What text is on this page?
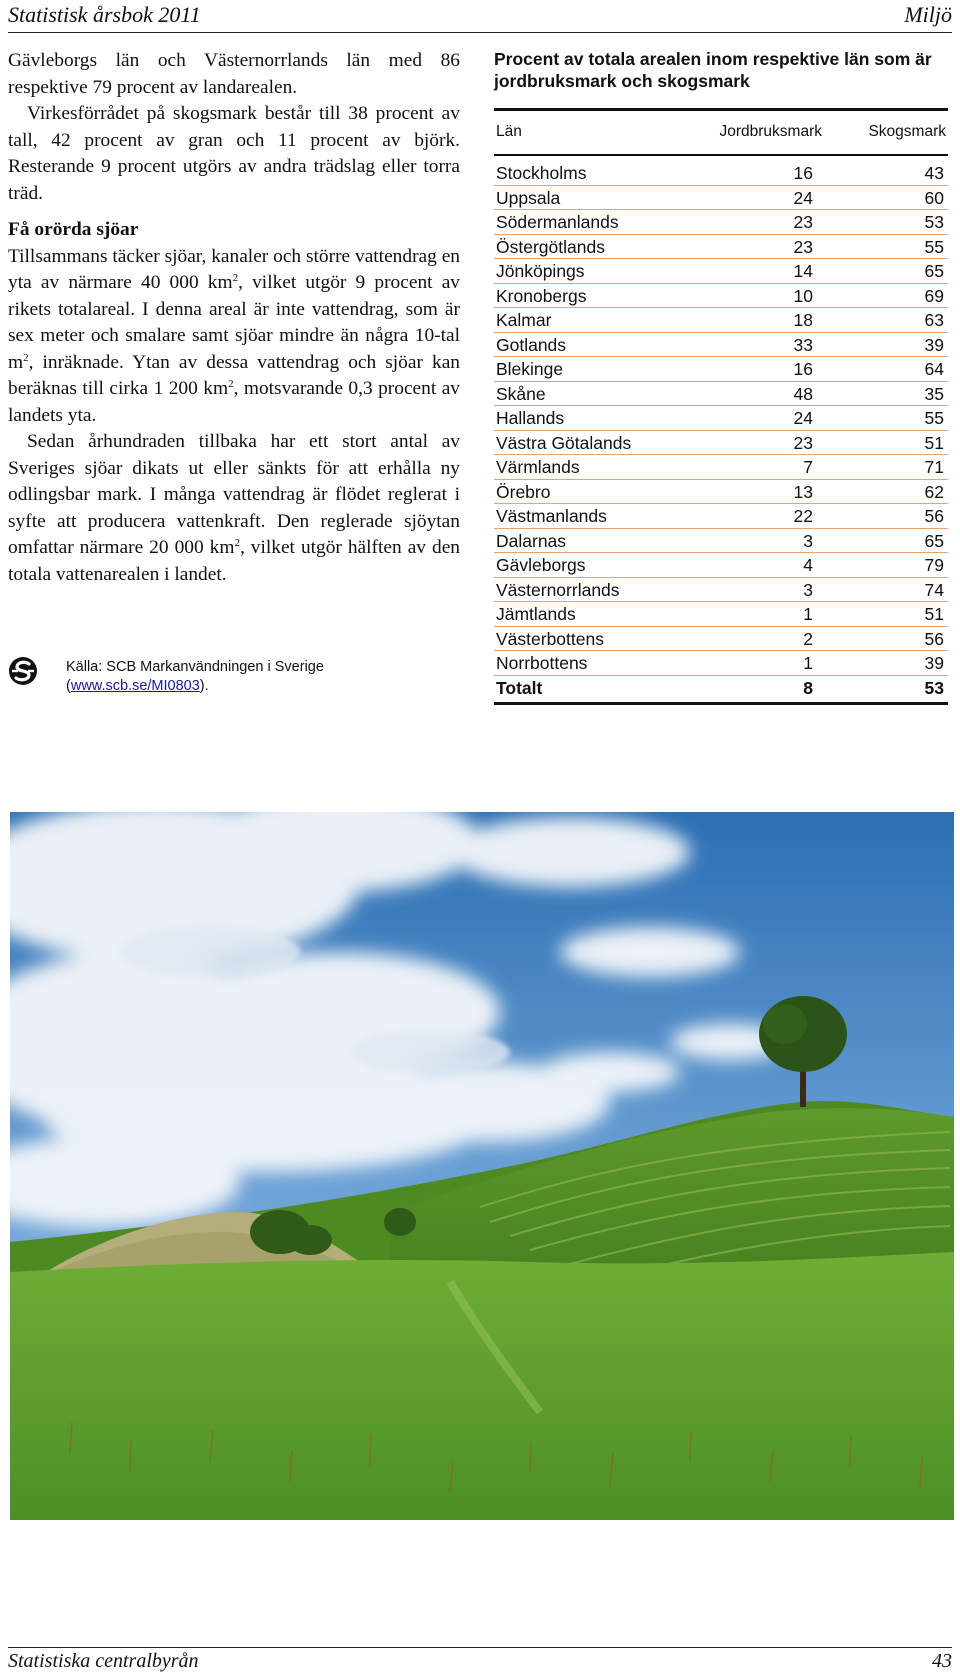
Statistisk årsbok 2011	Miljö

Gävleborgs län och Västernorrlands län med 86 respektive 79 procent av landarealen.

Virkesförrådet på skogsmark består till 38 procent av tall, 42 procent av gran och 11 procent av björk. Resterande 9 procent utgörs av andra trädslag eller torra träd.

Få orörda sjöar

Tillsammans täcker sjöar, kanaler och större vattendrag en yta av närmare 40 000 $km^2$, vilket utgör 9 procent av rikets totalareal. I denna areal är inte vattendrag, som är sex meter och smalare samt sjöar mindre än några 10-tal $m^2$, inräknade. Ytan av dessa vattendrag och sjöar kan beräknas till cirka 1 200 $km^2$, motsvarande 0,3 procent av landets yta.

Sedan århundraden tillbaka har ett stort antal av Sveriges sjöar dikats ut eller sänkts för att erhålla ny odlingsbar mark. I många vattendrag är flödet reglerat i syfte att producera vattenkraft. Den reglerade sjöytan omfattar närmare 20 000 $km^2$, vilket utgör hälften av den totala vattenarealen i landet.

Källa: SCB Markanvändningen i Sverige
(www.scb.se/MI0803).
Procent av totala arealen inom respektive län som är jordbruksmark och skogsmark
Län	Jordbruksmark	Skogsmark
Stockholms	16	43
Uppsala	24	60
Södermanlands	23	53
Östergötlands	23	55
Jönköpings	14	65
Kronobergs	10	69
Kalmar	18	63
Gotlands	33	39
Blekinge	16	64
Skåne	48	35
Hallands	24	55
Västra Götalands	23	51
Värmlands	7	71
Örebro	13	62
Västmanlands	22	56
Dalarnas	3	65
Gävleborgs	4	79
Västernorrlands	3	74
Jämtlands	1	51
Västerbottens	2	56
Norrbottens	1	39
Totalt	8	53
Statistiska centralbyrån	43
